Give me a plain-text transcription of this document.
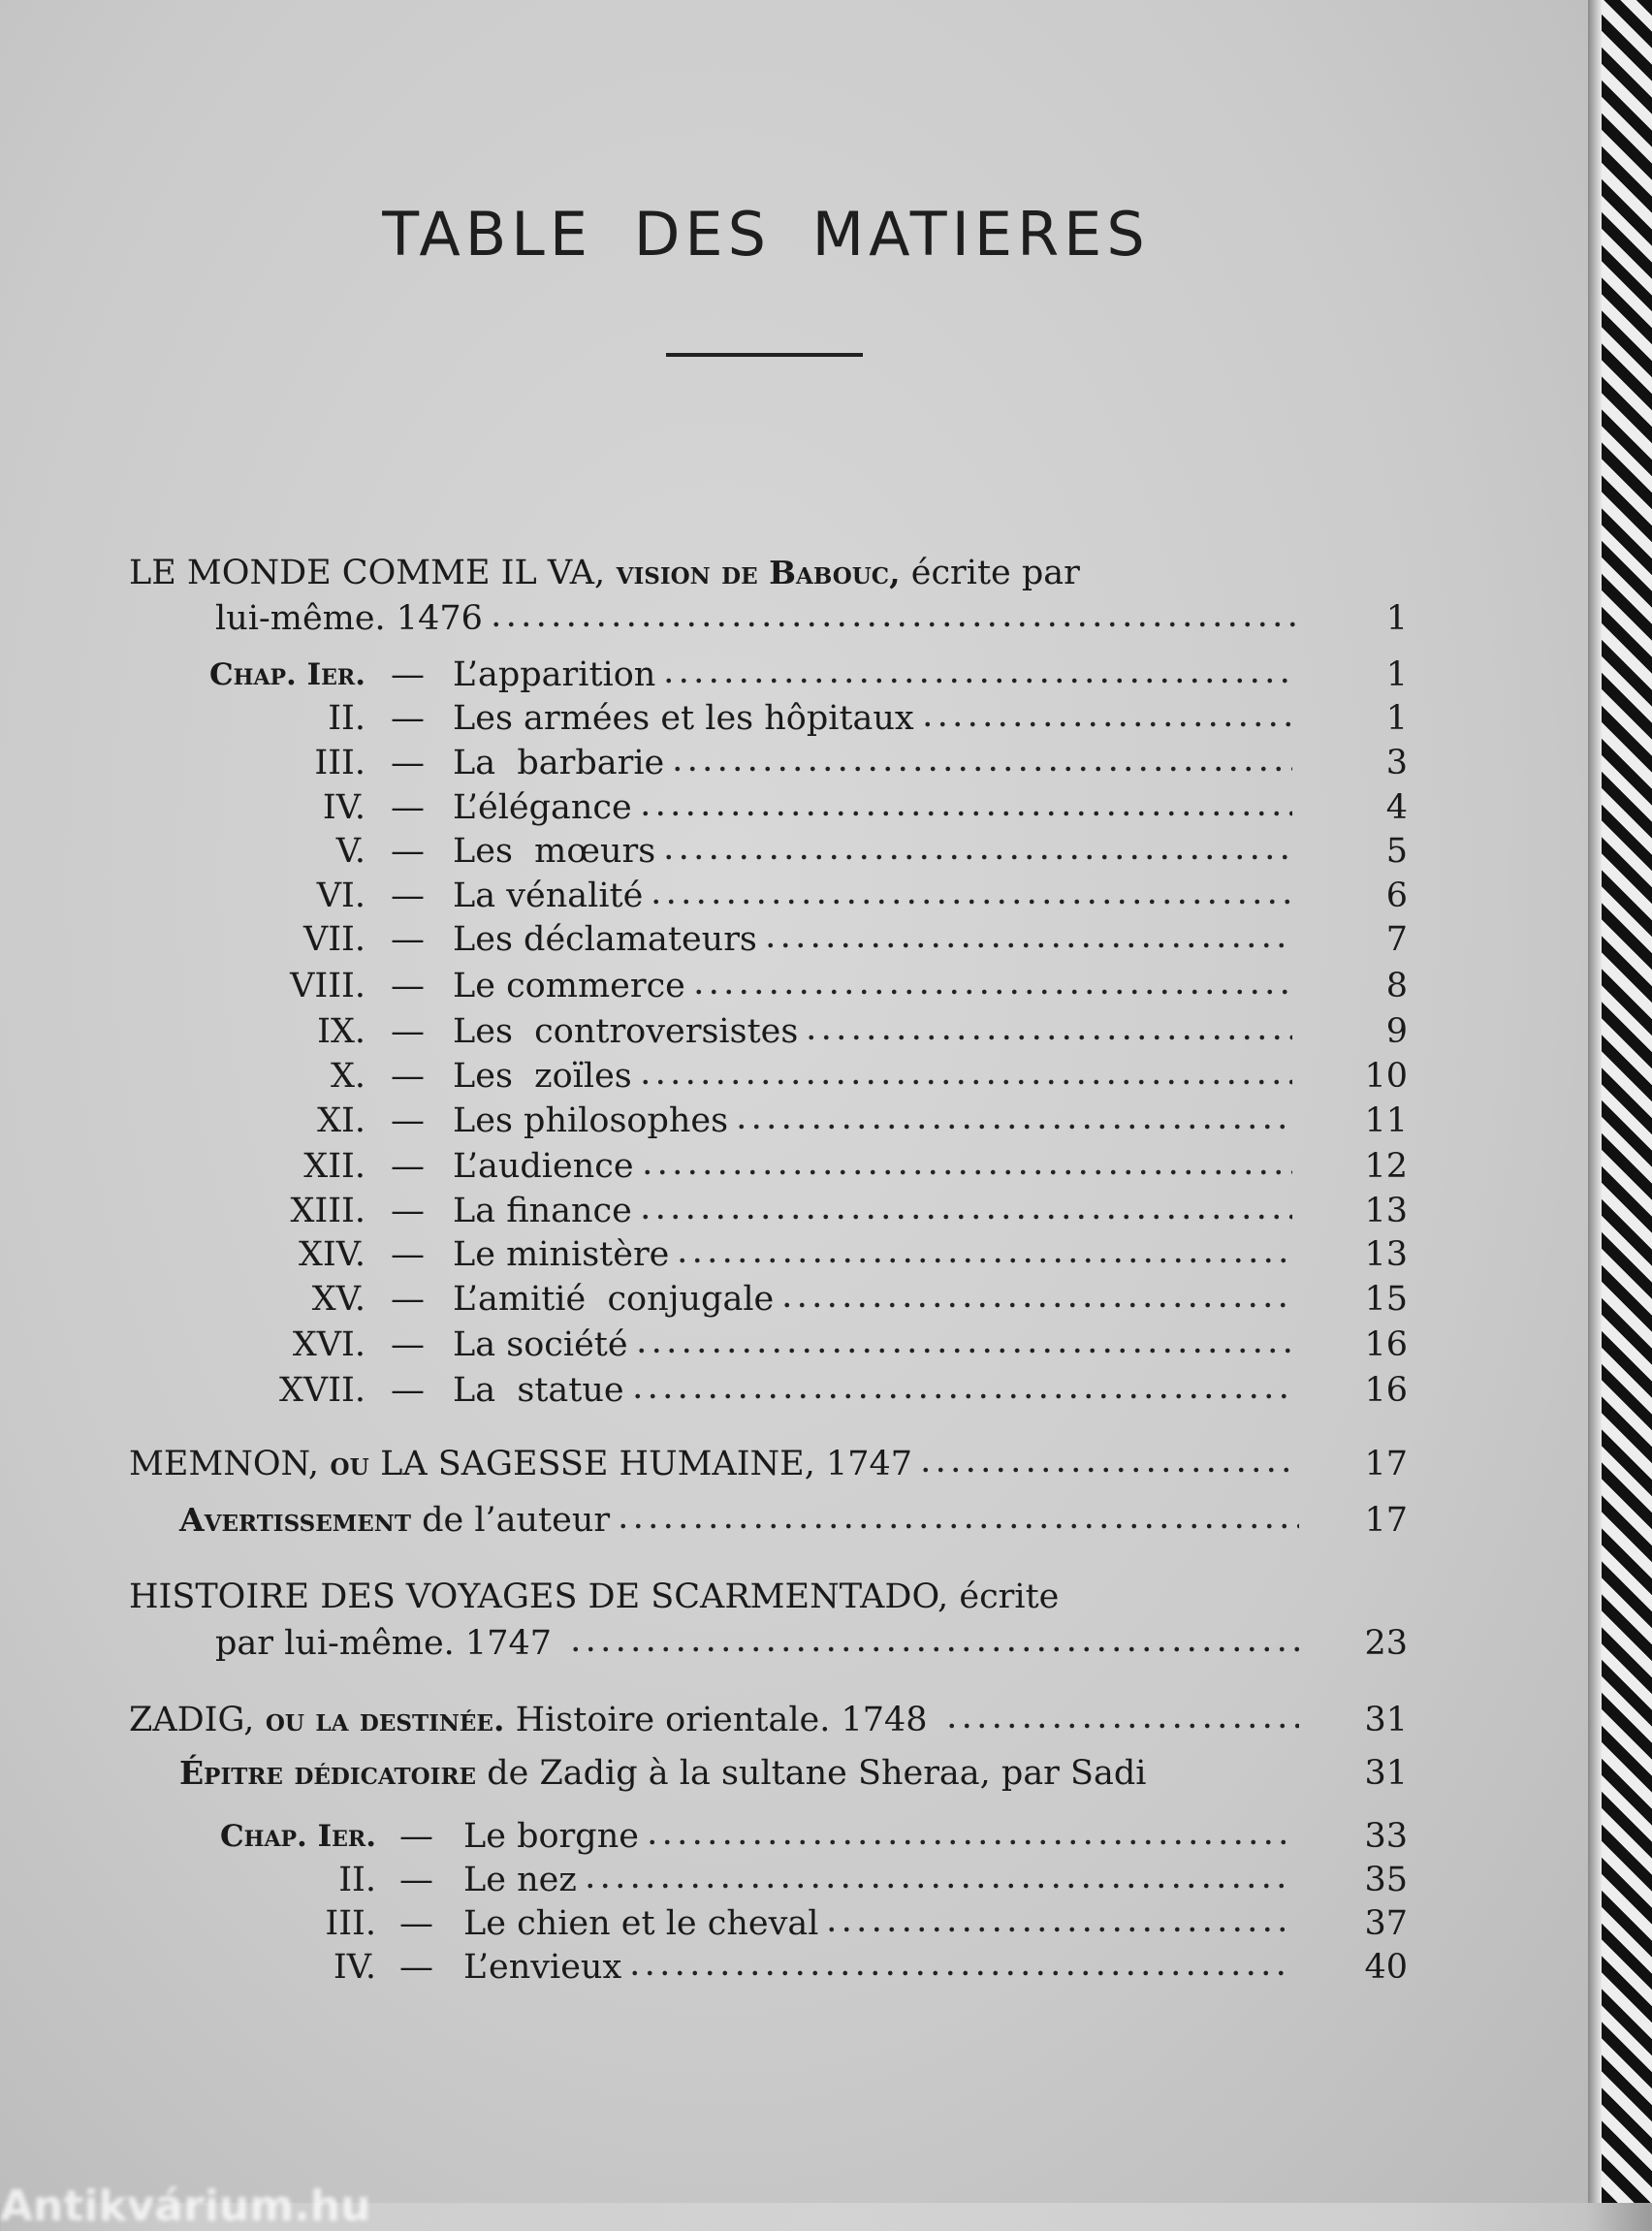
TABLE DES MATIERES
LE MONDE COMME IL VA, vision de Babouc, écrite par
lui-même. 1476	1
Chap. Ier. — L’apparition	1
II. — Les armées et les hôpitaux	1
III. — La  barbarie	3
IV. — L’élégance	4
V. — Les  mœurs	5
VI. — La vénalité	6
VII. — Les déclamateurs	7
VIII. — Le commerce	8
IX. — Les  controversistes	9
X. — Les  zoïles	10
XI. — Les philosophes	11
XII. — L’audience	12
XIII. — La finance	13
XIV. — Le ministère	13
XV. — L’amitié  conjugale	15
XVI. — La société	16
XVII. — La  statue	16
MEMNON, ou LA SAGESSE HUMAINE, 1747	17
Avertissement de l’auteur	17
HISTOIRE DES VOYAGES DE SCARMENTADO, écrite
par lui-même. 1747	23
ZADIG, ou la destinée. Histoire orientale. 1748	31
Épitre dédicatoire de Zadig à la sultane Sheraa, par Sadi	31
Chap. Ier. — Le borgne	33
II. — Le nez	35
III. — Le chien et le cheval	37
IV. — L’envieux	40
Antikvárium.hu
